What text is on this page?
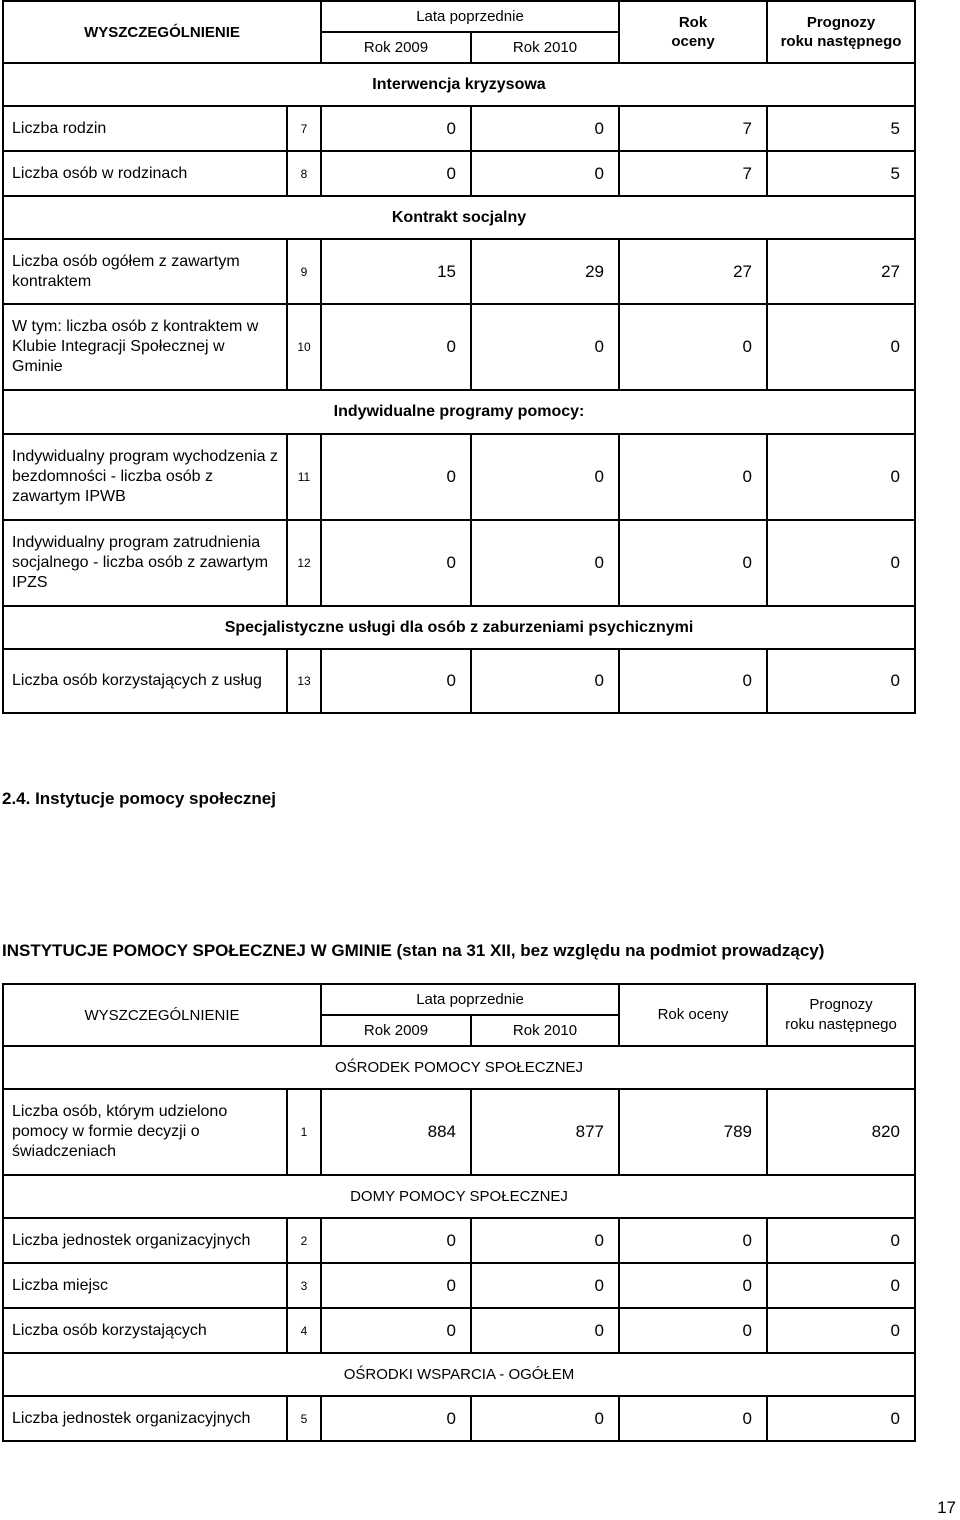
WYSZCZEGÓLNIENIE		Lata poprzednie		Rok
oceny	Prognozy
roku następnego
		Rok 2009	Rok 2010		
Interwencja kryzysowa					
Liczba rodzin	7	0	0	7	5
Liczba osób w rodzinach	8	0	0	7	5
Kontrakt socjalny					
Liczba osób ogółem z zawartym kontraktem	9	15	29	27	27
W tym: liczba osób z kontraktem w Klubie Integracji Społecznej w Gminie	10	0	0	0	0
Indywidualne programy pomocy:					
Indywidualny program wychodzenia z bezdomności - liczba osób z zawartym IPWB	11	0	0	0	0
Indywidualny program zatrudnienia socjalnego - liczba osób z zawartym IPZS	12	0	0	0	0
Specjalistyczne usługi dla osób z zaburzeniami psychicznymi					
Liczba osób korzystających z usług	13	0	0	0	0
2.4. Instytucje pomocy społecznej
INSTYTUCJE POMOCY SPOŁECZNEJ W GMINIE (stan na 31 XII, bez względu na podmiot prowadzący)
WYSZCZEGÓLNIENIE		Lata poprzednie		Rok oceny	Prognozy
roku następnego
		Rok 2009	Rok 2010		
OŚRODEK POMOCY SPOŁECZNEJ					
Liczba osób, którym udzielono pomocy w formie decyzji o świadczeniach	1	884	877	789	820
DOMY POMOCY SPOŁECZNEJ					
Liczba jednostek organizacyjnych	2	0	0	0	0
Liczba miejsc	3	0	0	0	0
Liczba osób korzystających	4	0	0	0	0
OŚRODKI WSPARCIA - OGÓŁEM					
Liczba jednostek organizacyjnych	5	0	0	0	0
17
